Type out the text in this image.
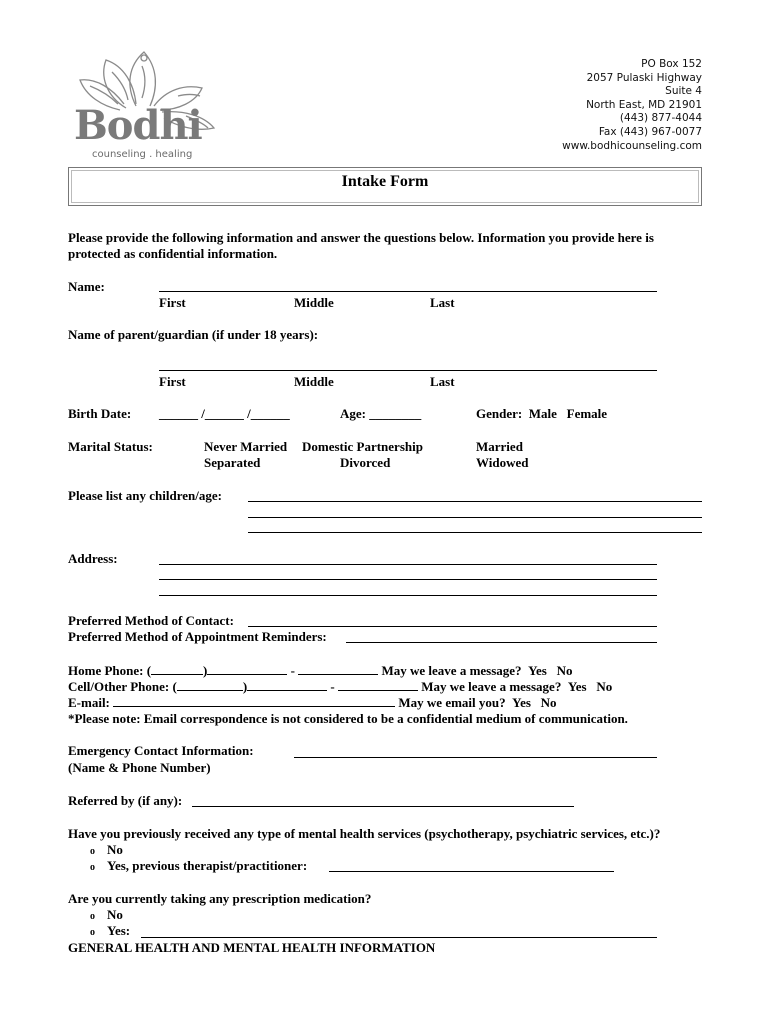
Bodhi
counseling . healing
PO Box 152
2057 Pulaski Highway
Suite 4
North East, MD 21901
(443) 877-4044
Fax (443) 967-0077
www.bodhicounseling.com
Intake Form
Please provide the following information and answer the questions below. Information you provide here is
protected as confidential information.
Name:
First	Middle	Last
Name of parent/guardian (if under 18 years):
First	Middle	Last
Birth Date: ______ /______ /______	Age: ________	Gender: Male Female
Marital Status:	Never Married Domestic Partnership	Married
Separated	Divorced	Widowed
Please list any children/age:
Address:
Preferred Method of Contact:
Preferred Method of Appointment Reminders:
Home Phone: (	)	-	May we leave a message? Yes No
Cell/Other Phone: (	)	-	May we leave a message? Yes No
E-mail:	May we email you? Yes No
*Please note: Email correspondence is not considered to be a confidential medium of communication.
Emergency Contact Information:
(Name & Phone Number)
Referred by (if any):
Have you previously received any type of mental health services (psychotherapy, psychiatric services, etc.)?
o No
o Yes, previous therapist/practitioner:
Are you currently taking any prescription medication?
o No
o Yes:
GENERAL HEALTH AND MENTAL HEALTH INFORMATION
